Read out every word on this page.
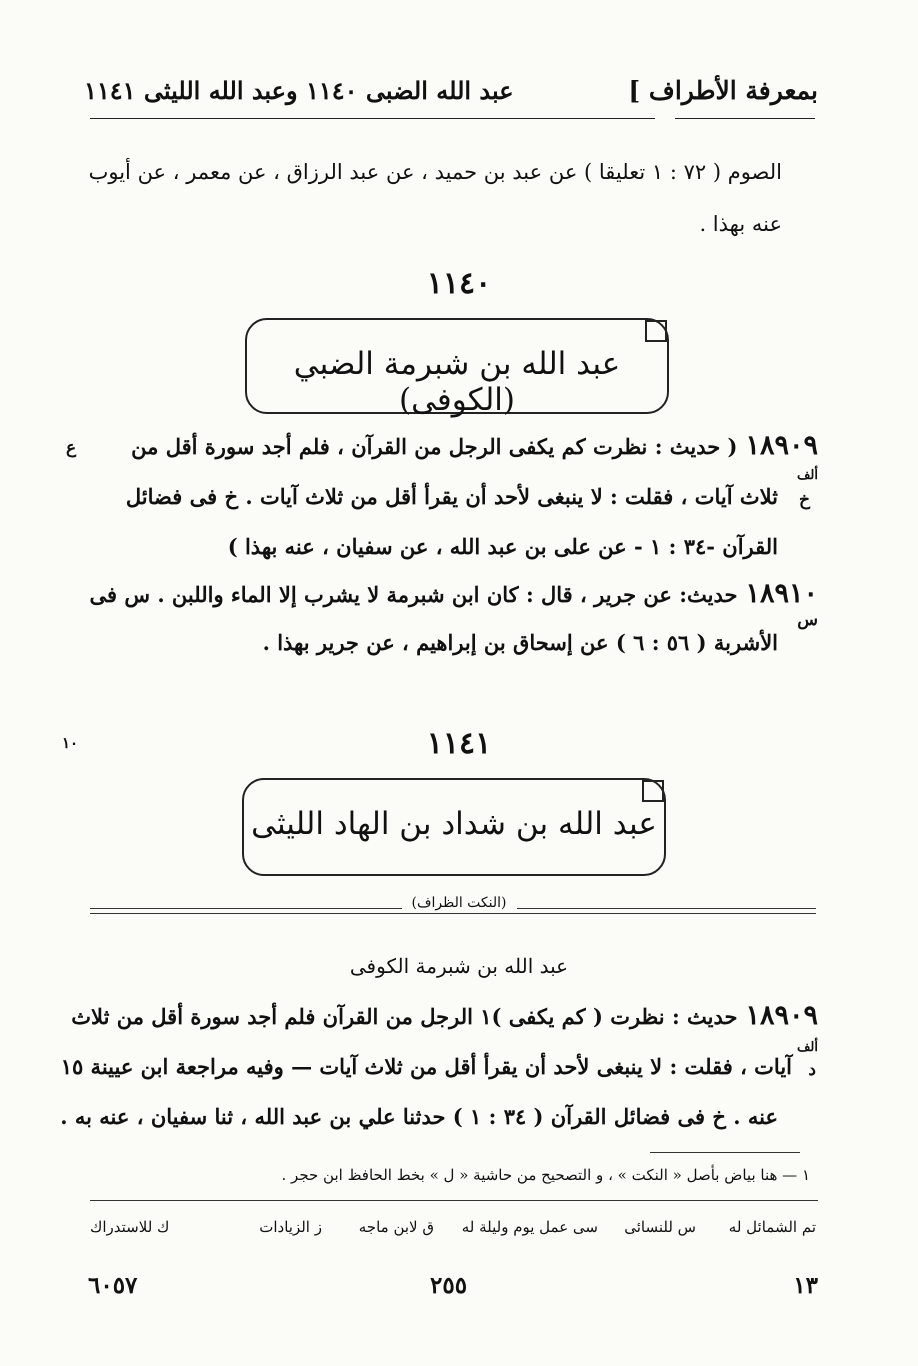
بمعرفة الأطراف ]
عبد الله الضبى ١١٤٠ وعبد الله الليثى ١١٤١
الصوم ( ٧٢ : ١ تعليقا ) عن عبد بن حميد ، عن عبد الرزاق ، عن معمر ، عن أيوب
عنه بهذا .
١١٤٠
عبد الله بن شبرمة الضبي (الكوفى)
١٨٩٠٩( حديث : نظرت كم يكفى الرجل من القرآن ، فلم أجد سورة أقل من
ع
ألف
خ
ثلاث آيات ، فقلت : لا ينبغى لأحد أن يقرأ أقل من ثلاث آيات . خ فى فضائل
القرآن -٣٤ : ١ - عن على بن عبد الله ، عن سفيان ، عنه بهذا )
١٨٩١٠حديث: عن جرير ، قال : كان ابن شبرمة لا يشرب إلا الماء واللبن . س فى
س
الأشربة ( ٥٦ : ٦ ) عن إسحاق بن إبراهيم ، عن جرير بهذا .
١٠	١١٤١
عبد الله بن شداد بن الهاد الليثى
(النكت الظراف)
عبد الله بن شبرمة الكوفى
١٨٩٠٩حديث : نظرت ( كم يكفى )١ الرجل من القرآن فلم أجد سورة أقل من ثلاث
ألف
د
آيات ، فقلت : لا ينبغى لأحد أن يقرأ أقل من ثلاث آيات — وفيه مراجعة ابن عيينة ١٥
عنه . خ فى فضائل القرآن ( ٣٤ : ١ ) حدثنا علي بن عبد الله ، ثنا سفيان ، عنه به .
١ — هنا بياض بأصل « النكت » ، و التصحيح من حاشية « ل » بخط الحافظ ابن حجر .
تم الشمائل له
س للنسائى
سى عمل يوم وليلة له
ق لابن ماجه
ز الزيادات
ك للاستدراك
١٣
٢٥٥
٦٠٥٧
